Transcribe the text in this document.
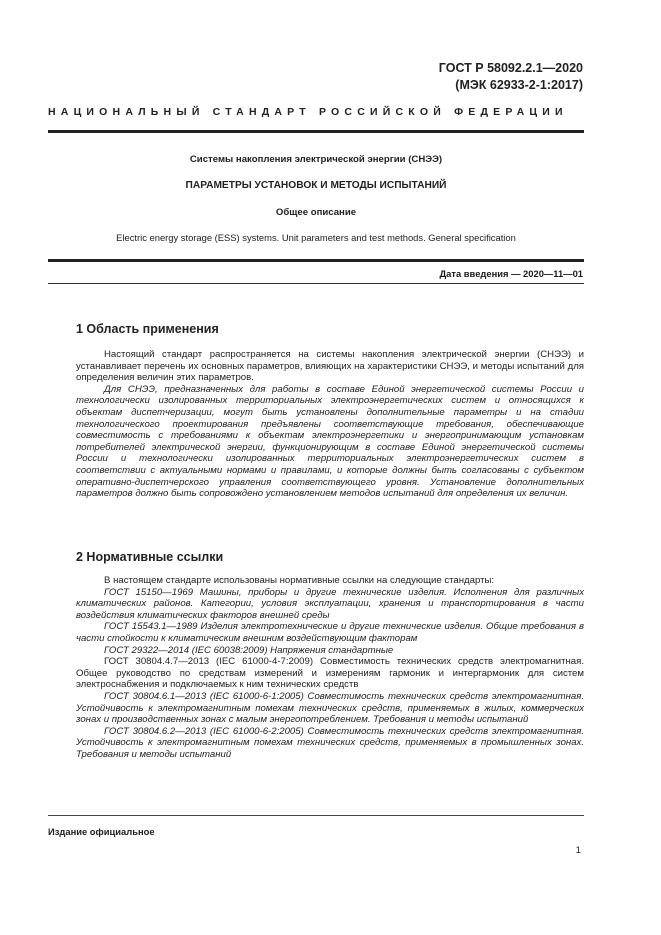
ГОСТ Р 58092.2.1—2020
(МЭК 62933-2-1:2017)
НАЦИОНАЛЬНЫЙ СТАНДАРТ РОССИЙСКОЙ ФЕДЕРАЦИИ
Системы накопления электрической энергии (СНЭЭ)
ПАРАМЕТРЫ УСТАНОВОК И МЕТОДЫ ИСПЫТАНИЙ
Общее описание
Electric energy storage (ESS) systems. Unit parameters and test methods. General specification
Дата введения — 2020—11—01
1 Область применения

Настоящий стандарт распространяется на системы накопления электрической энергии (СНЭЭ) и устанавливает перечень их основных параметров, влияющих на характеристики СНЭЭ, и методы испытаний для определения величин этих параметров.

Для СНЭЭ, предназначенных для работы в составе Единой энергетической системы России и технологически изолированных территориальных электроэнергетических систем и относящихся к объектам диспетчеризации, могут быть установлены дополнительные параметры и на стадии технологического проектирования предъявлены соответствующие требования, обеспечивающие совместимость с требованиями к объектам электроэнергетики и энергопринимающим установкам потребителей электрической энергии, функционирующим в составе Единой энергетической системы России и технологически изолированных территориальных электроэнергетических систем в соответствии с актуальными нормами и правилами, и которые должны быть согласованы с субъектом оперативно-диспетчерского управления соответствующего уровня. Установление дополнительных параметров должно быть сопровождено установлением методов испытаний для определения их величин.

2 Нормативные ссылки

В настоящем стандарте использованы нормативные ссылки на следующие стандарты:

ГОСТ 15150—1969 Машины, приборы и другие технические изделия. Исполнения для различных климатических районов. Категории, условия эксплуатации, хранения и транспортирования в части воздействия климатических факторов внешней среды

ГОСТ 15543.1—1989 Изделия электротехнические и другие технические изделия. Общие требования в части стойкости к климатическим внешним воздействующим факторам

ГОСТ 29322—2014 (IEC 60038:2009) Напряжения стандартные

ГОСТ 30804.4.7—2013 (IEC 61000-4-7:2009) Совместимость технических средств электромагнитная. Общее руководство по средствам измерений и измерениям гармоник и интергармоник для систем электроснабжения и подключаемых к ним технических средств

ГОСТ 30804.6.1—2013 (IEC 61000-6-1:2005) Совместимость технических средств электромагнитная. Устойчивость к электромагнитным помехам технических средств, применяемых в жилых, коммерческих зонах и производственных зонах с малым энергопотреблением. Требования и методы испытаний

ГОСТ 30804.6.2—2013 (IEC 61000-6-2:2005) Совместимость технических средств электромагнитная. Устойчивость к электромагнитным помехам технических средств, применяемых в промышленных зонах. Требования и методы испытаний

Издание официальное
1
